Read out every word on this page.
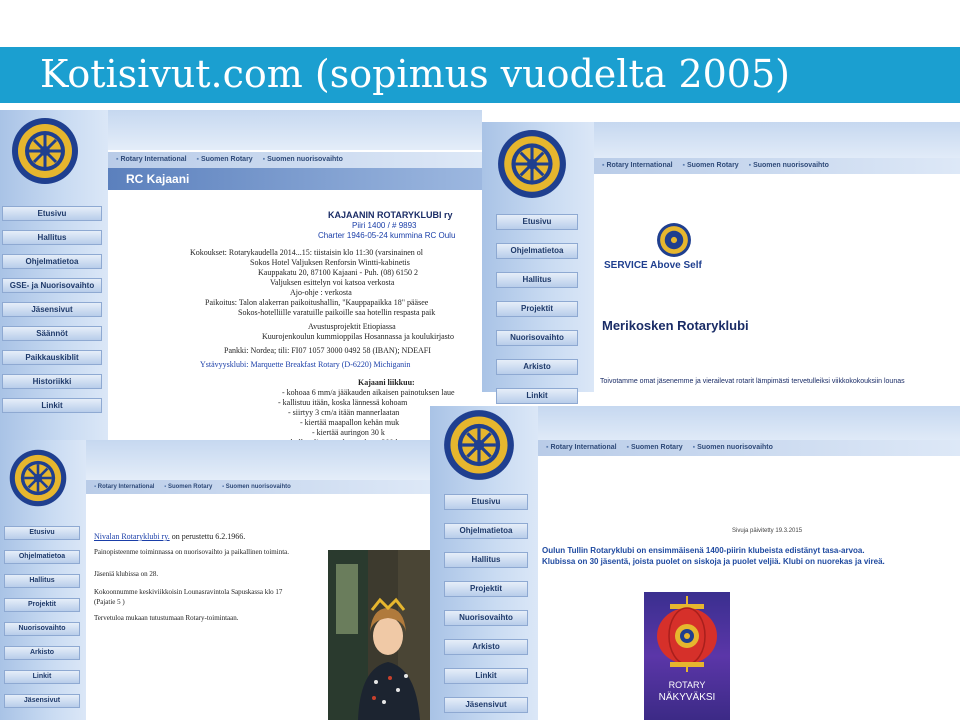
Kotisivut.com (sopimus vuodelta 2005)
▪ Rotary International ▪ Suomen Rotary ▪ Suomen nuorisovaihto
RC Kajaani
Etusivu
Hallitus
Ohjelmatietoa
GSE- ja Nuorisovaihto
Jäsensivut
Säännöt
Paikkauskiblit
Historiikki
Linkit
KAJAANIN ROTARYKLUBI ry
Piiri 1400 / # 9893
Charter 1946-05-24 kummina RC Oulu
Kokoukset: Rotarykaudella 2014...15: tiistaisin klo 11:30 (varsinainen ol
Sokos Hotel Valjuksen Renforsin Wintti-kabinetis
Kauppakatu 20, 87100 Kajaani - Puh. (08) 6150 2
Valjuksen esittelyn voi katsoa verkosta
Ajo-ohje : verkosta
Paikoitus: Talon alakerran paikoitushallin, "Kauppapaikka 18" pääsee
Sokos-hotelliille varatuille paikoille saa hotellin respasta paik
Avustusprojektit Etiopiassa
Kuurojenkoulun kummioppilas Hosannassa ja koulukirjasto
Pankki: Nordea; tili: FI07 1057 3000 0492 58 (IBAN); NDEAFI
Ystävyysklubi: Marquette Breakfast Rotary (D-6220) Michiganin
Kajaani liikkuu:
- kohoaa 6 mm/a jääkauden aikaisen painotuksen laue
- kallistuu itään, koska lännessä kohoam
- siirtyy 3 cm/a itään mannerlaatan
- kiertää maapallon kehän muk
- kiertää auringon 30 k
▪ Rotary International ▪ Suomen Rotary ▪ Suomen nuorisovaihto
Etusivu
Ohjelmatietoa
Hallitus
Projektit
Nuorisovaihto
Arkisto
Linkit
SERVICE Above Self
Merikosken Rotaryklubi
Toivotamme omat jäsenemme ja vierailevat rotarit lämpimästi tervetulleiksi viikkokokouksiin lounas
▪ Rotary International ▪ Suomen Rotary ▪ Suomen nuorisovaihto
Etusivu
Ohjelmatietoa
Hallitus
Projektit
Nuorisovaihto
Arkisto
Linkit
Jäsensivut
Nivalan Rotaryklubi ry. on perustettu 6.2.1966.
Painopisteenme toiminnassa on nuorisovaihto ja paikallinen toiminta.
Jäseniä klubissa on 28.
Kokoonnumme keskiviikkoisin Lounasravintola Sapuskassa klo 17
(Pajatie 5 )
Tervetuloa mukaan tutustumaan Rotary-toimintaan.
▪ Rotary International ▪ Suomen Rotary ▪ Suomen nuorisovaihto
Etusivu
Ohjelmatietoa
Hallitus
Projektit
Nuorisovaihto
Arkisto
Linkit
Jäsensivut
Sivuja päivitetty 19.3.2015
Oulun Tullin Rotaryklubi on ensimmäisenä 1400-piirin klubeista edistänyt tasa-arvoa.
Klubissa on 30 jäsentä, joista puolet on siskoja ja puolet veljiä. Klubi on nuorekas ja vireä.
ROTARY
NÄKYVÄKSI
